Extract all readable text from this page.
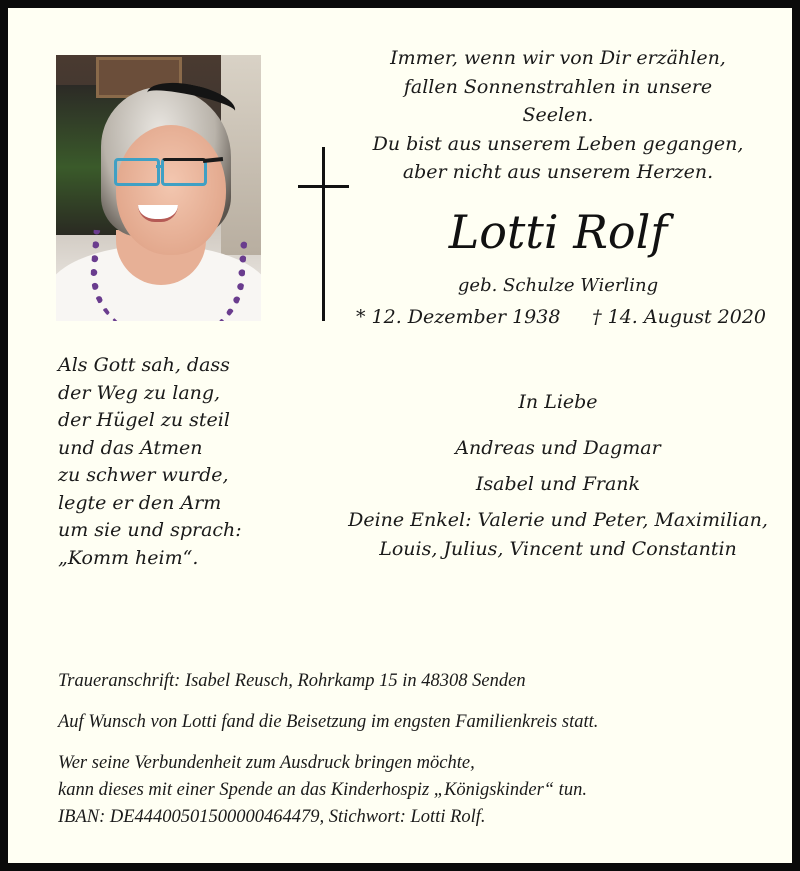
Immer, wenn wir von Dir erzählen,
fallen Sonnenstrahlen in unsere Seelen.
Du bist aus unserem Leben gegangen,
aber nicht aus unserem Herzen.
Lotti Rolf
geb. Schulze Wierling
* 12. Dezember 1938 † 14. August 2020
Als Gott sah, dass
der Weg zu lang,
der Hügel zu steil
und das Atmen
zu schwer wurde,
legte er den Arm
um sie und sprach:
„Komm heim“.
In Liebe
Andreas und Dagmar
Isabel und Frank
Deine Enkel: Valerie und Peter, Maximilian,
Louis, Julius, Vincent und Constantin
Traueranschrift: Isabel Reusch, Rohrkamp 15 in 48308 Senden
Auf Wunsch von Lotti fand die Beisetzung im engsten Familienkreis statt.
Wer seine Verbundenheit zum Ausdruck bringen möchte,
kann dieses mit einer Spende an das Kinderhospiz „Königskinder“ tun.
IBAN: DE44400501500000464479, Stichwort: Lotti Rolf.
